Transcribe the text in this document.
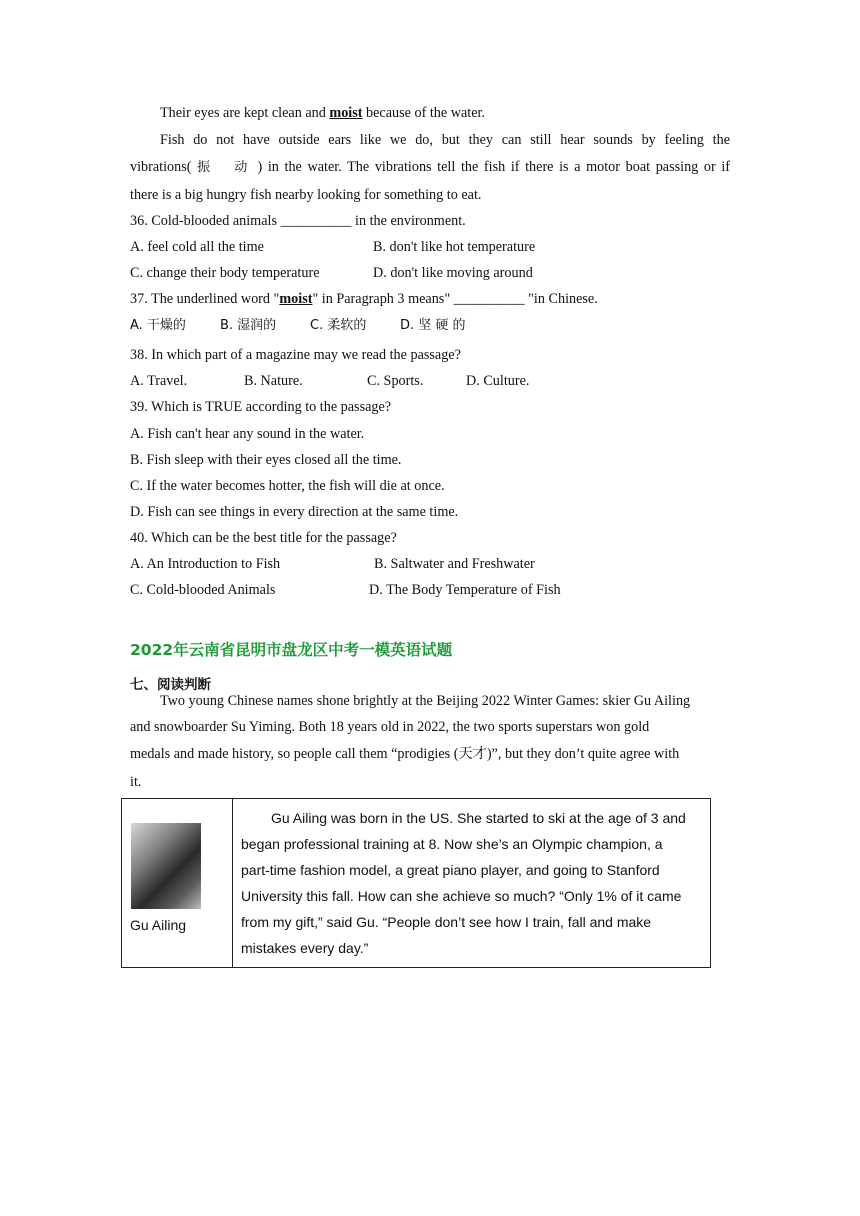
Their eyes are kept clean and moist because of the water.
Fish do not have outside ears like we do, but they can still hear sounds by feeling the
vibrations( 振 动) in the water. The vibrations tell the fish if there is a motor boat passing or if
there is a big hungry fish nearby looking for something to eat.
36. Cold-blooded animals __________ in the environment.
A. feel cold all the time	B. don't like hot temperature
C. change their body temperature	D. don't like moving around
37. The underlined word "moist" in Paragraph 3 means" __________ "in Chinese.
A. 干燥的	B. 湿润的	C. 柔软的	D. 坚 硬 的
38. In which part of a magazine may we read the passage?
A. Travel.	B. Nature.	C. Sports.	D. Culture.
39. Which is TRUE according to the passage?
A. Fish can't hear any sound in the water.
B. Fish sleep with their eyes closed all the time.
C. If the water becomes hotter, the fish will die at once.
D. Fish can see things in every direction at the same time.
40. Which can be the best title for the passage?
A. An Introduction to Fish	B. Saltwater and Freshwater
C. Cold-blooded Animals	D. The Body Temperature of Fish
2022年云南省昆明市盘龙区中考一模英语试题
七、阅读判断
Two young Chinese names shone brightly at the Beijing 2022 Winter Games: skier Gu Ailing
and snowboarder Su Yiming. Both 18 years old in 2022, the two sports superstars won gold
medals and made history, so people call them “prodigies (天才)”, but they don’t quite agree with
it.
Gu Ailing

Gu Ailing was born in the US. She started to ski at the age of 3 and
began professional training at 8. Now she’s an Olympic champion, a
part-time fashion model, a great piano player, and going to Stanford
University this fall. How can she achieve so much? “Only 1% of it came
from my gift,” said Gu. “People don’t see how I train, fall and make
mistakes every day.”
